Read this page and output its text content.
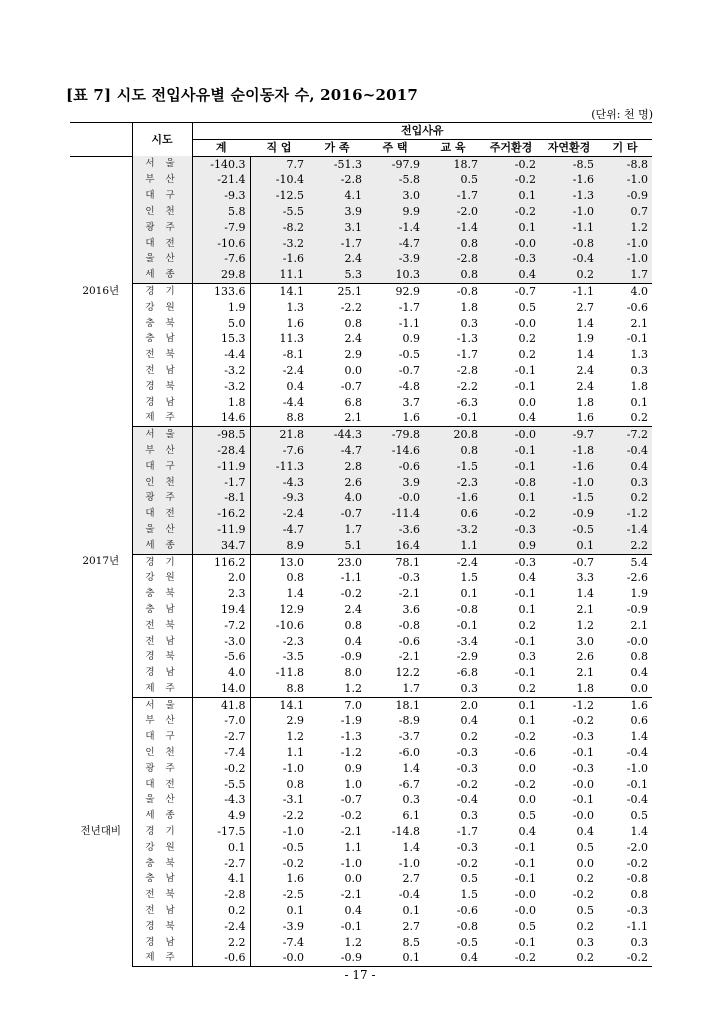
[표 7] 시도 전입사유별 순이동자 수, 2016~2017
(단위: 천 명)
	시도	전입사유							
		계	직 업	가 족	주 택	교 육	주거환경	자연환경	기 타
2016년	서 울	-140.3	7.7	-51.3	-97.9	18.7	-0.2	-8.5	-8.8
	부 산	-21.4	-10.4	-2.8	-5.8	0.5	-0.2	-1.6	-1.0
	대 구	-9.3	-12.5	4.1	3.0	-1.7	0.1	-1.3	-0.9
	인 천	5.8	-5.5	3.9	9.9	-2.0	-0.2	-1.0	0.7
	광 주	-7.9	-8.2	3.1	-1.4	-1.4	0.1	-1.1	1.2
	대 전	-10.6	-3.2	-1.7	-4.7	0.8	-0.0	-0.8	-1.0
	울 산	-7.6	-1.6	2.4	-3.9	-2.8	-0.3	-0.4	-1.0
	세 종	29.8	11.1	5.3	10.3	0.8	0.4	0.2	1.7
	경 기	133.6	14.1	25.1	92.9	-0.8	-0.7	-1.1	4.0
	강 원	1.9	1.3	-2.2	-1.7	1.8	0.5	2.7	-0.6
	충 북	5.0	1.6	0.8	-1.1	0.3	-0.0	1.4	2.1
	충 남	15.3	11.3	2.4	0.9	-1.3	0.2	1.9	-0.1
	전 북	-4.4	-8.1	2.9	-0.5	-1.7	0.2	1.4	1.3
	전 남	-3.2	-2.4	0.0	-0.7	-2.8	-0.1	2.4	0.3
	경 북	-3.2	0.4	-0.7	-4.8	-2.2	-0.1	2.4	1.8
	경 남	1.8	-4.4	6.8	3.7	-6.3	0.0	1.8	0.1
	제 주	14.6	8.8	2.1	1.6	-0.1	0.4	1.6	0.2
2017년	서 울	-98.5	21.8	-44.3	-79.8	20.8	-0.0	-9.7	-7.2
	부 산	-28.4	-7.6	-4.7	-14.6	0.8	-0.1	-1.8	-0.4
	대 구	-11.9	-11.3	2.8	-0.6	-1.5	-0.1	-1.6	0.4
	인 천	-1.7	-4.3	2.6	3.9	-2.3	-0.8	-1.0	0.3
	광 주	-8.1	-9.3	4.0	-0.0	-1.6	0.1	-1.5	0.2
	대 전	-16.2	-2.4	-0.7	-11.4	0.6	-0.2	-0.9	-1.2
	울 산	-11.9	-4.7	1.7	-3.6	-3.2	-0.3	-0.5	-1.4
	세 종	34.7	8.9	5.1	16.4	1.1	0.9	0.1	2.2
	경 기	116.2	13.0	23.0	78.1	-2.4	-0.3	-0.7	5.4
	강 원	2.0	0.8	-1.1	-0.3	1.5	0.4	3.3	-2.6
	충 북	2.3	1.4	-0.2	-2.1	0.1	-0.1	1.4	1.9
	충 남	19.4	12.9	2.4	3.6	-0.8	0.1	2.1	-0.9
	전 북	-7.2	-10.6	0.8	-0.8	-0.1	0.2	1.2	2.1
	전 남	-3.0	-2.3	0.4	-0.6	-3.4	-0.1	3.0	-0.0
	경 북	-5.6	-3.5	-0.9	-2.1	-2.9	0.3	2.6	0.8
	경 남	4.0	-11.8	8.0	12.2	-6.8	-0.1	2.1	0.4
	제 주	14.0	8.8	1.2	1.7	0.3	0.2	1.8	0.0
전년대비	서 울	41.8	14.1	7.0	18.1	2.0	0.1	-1.2	1.6
	부 산	-7.0	2.9	-1.9	-8.9	0.4	0.1	-0.2	0.6
	대 구	-2.7	1.2	-1.3	-3.7	0.2	-0.2	-0.3	1.4
	인 천	-7.4	1.1	-1.2	-6.0	-0.3	-0.6	-0.1	-0.4
	광 주	-0.2	-1.0	0.9	1.4	-0.3	0.0	-0.3	-1.0
	대 전	-5.5	0.8	1.0	-6.7	-0.2	-0.2	-0.0	-0.1
	울 산	-4.3	-3.1	-0.7	0.3	-0.4	0.0	-0.1	-0.4
	세 종	4.9	-2.2	-0.2	6.1	0.3	0.5	-0.0	0.5
	경 기	-17.5	-1.0	-2.1	-14.8	-1.7	0.4	0.4	1.4
	강 원	0.1	-0.5	1.1	1.4	-0.3	-0.1	0.5	-2.0
	충 북	-2.7	-0.2	-1.0	-1.0	-0.2	-0.1	0.0	-0.2
	충 남	4.1	1.6	0.0	2.7	0.5	-0.1	0.2	-0.8
	전 북	-2.8	-2.5	-2.1	-0.4	1.5	-0.0	-0.2	0.8
	전 남	0.2	0.1	0.4	0.1	-0.6	-0.0	0.5	-0.3
	경 북	-2.4	-3.9	-0.1	2.7	-0.8	0.5	0.2	-1.1
	경 남	2.2	-7.4	1.2	8.5	-0.5	-0.1	0.3	0.3
	제 주	-0.6	-0.0	-0.9	0.1	0.4	-0.2	0.2	-0.2
- 17 -
